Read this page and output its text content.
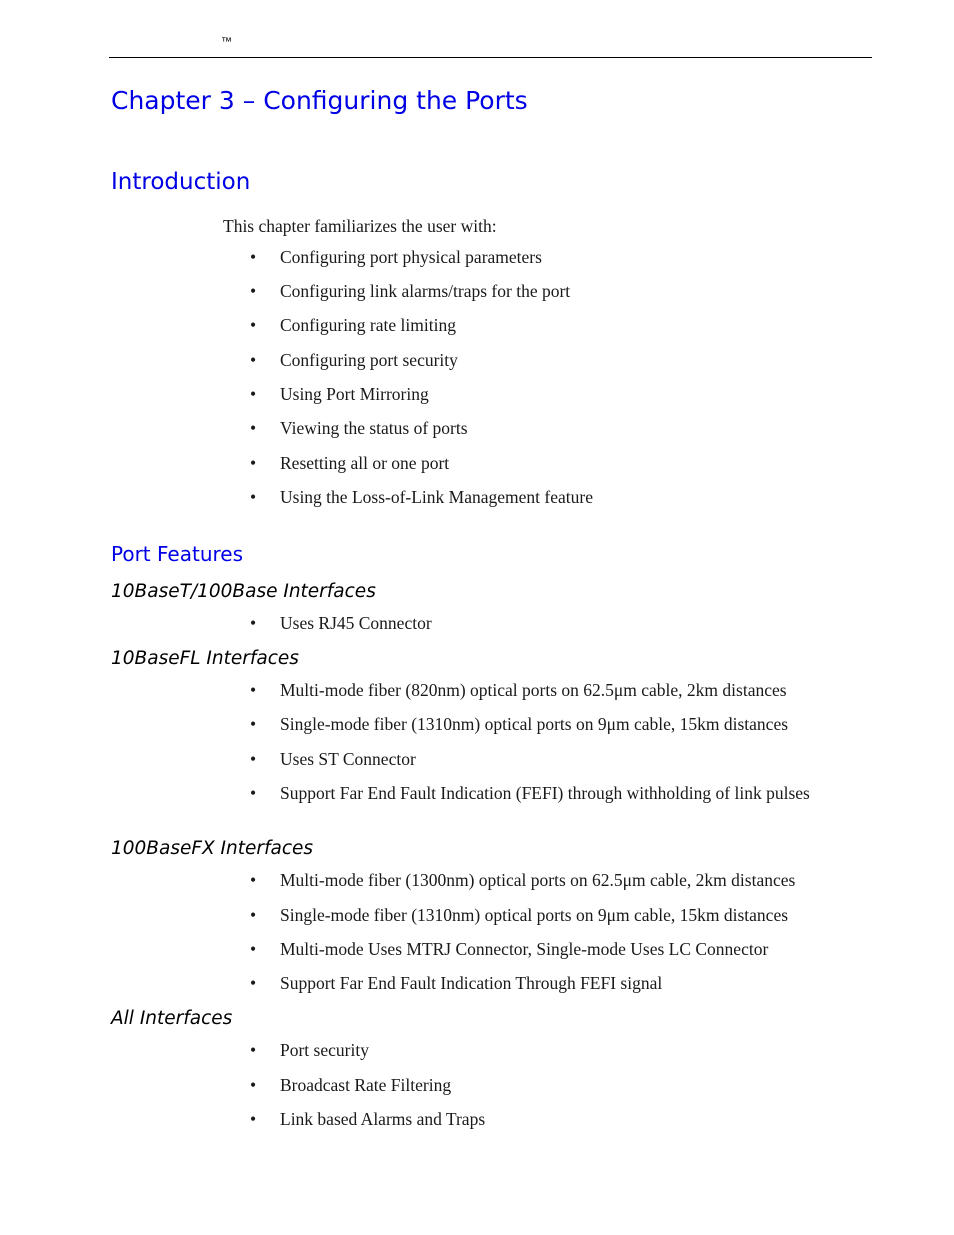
™
Chapter 3 – Configuring the Ports
Introduction
This chapter familiarizes the user with:
•	Configuring port physical parameters
•	Configuring link alarms/traps for the port
•	Configuring rate limiting
•	Configuring port security
•	Using Port Mirroring
•	Viewing the status of ports
•	Resetting all or one port
•	Using the Loss-of-Link Management feature
Port Features
10BaseT/100Base Interfaces
•	Uses RJ45 Connector
10BaseFL Interfaces
•	Multi-mode fiber (820nm) optical ports on 62.5μm cable, 2km distances
•	Single-mode fiber (1310nm) optical ports on 9μm cable, 15km distances
•	Uses ST Connector
•	Support Far End Fault Indication (FEFI) through withholding of link pulses
100BaseFX Interfaces
•	Multi-mode fiber (1300nm) optical ports on 62.5μm cable, 2km distances
•	Single-mode fiber (1310nm) optical ports on 9μm cable, 15km distances
•	Multi-mode Uses MTRJ Connector, Single-mode Uses LC Connector
•	Support Far End Fault Indication Through FEFI signal
All Interfaces
•	Port security
•	Broadcast Rate Filtering
•	Link based Alarms and Traps
